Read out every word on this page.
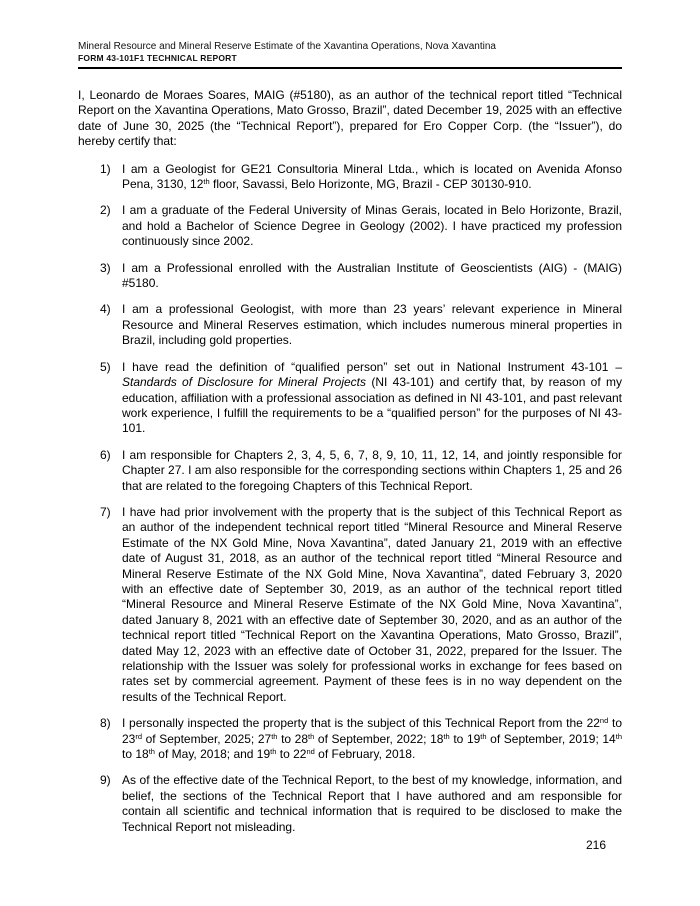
Mineral Resource and Mineral Reserve Estimate of the Xavantina Operations, Nova Xavantina
FORM 43-101F1 TECHNICAL REPORT

I, Leonardo de Moraes Soares, MAIG (#5180), as an author of the technical report titled “Technical Report on the Xavantina Operations, Mato Grosso, Brazil”, dated December 19, 2025 with an effective date of June 30, 2025 (the “Technical Report”), prepared for Ero Copper Corp. (the “Issuer”), do hereby certify that:

1) I am a Geologist for GE21 Consultoria Mineral Ltda., which is located on Avenida Afonso Pena, 3130, 12th floor, Savassi, Belo Horizonte, MG, Brazil - CEP 30130-910.
2) I am a graduate of the Federal University of Minas Gerais, located in Belo Horizonte, Brazil, and hold a Bachelor of Science Degree in Geology (2002). I have practiced my profession continuously since 2002.
3) I am a Professional enrolled with the Australian Institute of Geoscientists (AIG) - (MAIG) #5180.
4) I am a professional Geologist, with more than 23 years’ relevant experience in Mineral Resource and Mineral Reserves estimation, which includes numerous mineral properties in Brazil, including gold properties.
5) I have read the definition of “qualified person” set out in National Instrument 43-101 – Standards of Disclosure for Mineral Projects (NI 43-101) and certify that, by reason of my education, affiliation with a professional association as defined in NI 43-101, and past relevant work experience, I fulfill the requirements to be a “qualified person” for the purposes of NI 43-101.
6) I am responsible for Chapters 2, 3, 4, 5, 6, 7, 8, 9, 10, 11, 12, 14, and jointly responsible for Chapter 27. I am also responsible for the corresponding sections within Chapters 1, 25 and 26 that are related to the foregoing Chapters of this Technical Report.
7) I have had prior involvement with the property that is the subject of this Technical Report as an author of the independent technical report titled “Mineral Resource and Mineral Reserve Estimate of the NX Gold Mine, Nova Xavantina”, dated January 21, 2019 with an effective date of August 31, 2018, as an author of the technical report titled “Mineral Resource and Mineral Reserve Estimate of the NX Gold Mine, Nova Xavantina”, dated February 3, 2020 with an effective date of September 30, 2019, as an author of the technical report titled “Mineral Resource and Mineral Reserve Estimate of the NX Gold Mine, Nova Xavantina”, dated January 8, 2021 with an effective date of September 30, 2020, and as an author of the technical report titled “Technical Report on the Xavantina Operations, Mato Grosso, Brazil”, dated May 12, 2023 with an effective date of October 31, 2022, prepared for the Issuer. The relationship with the Issuer was solely for professional works in exchange for fees based on rates set by commercial agreement. Payment of these fees is in no way dependent on the results of the Technical Report.
8) I personally inspected the property that is the subject of this Technical Report from the 22nd to 23rd of September, 2025; 27th to 28th of September, 2022; 18th to 19th of September, 2019; 14th to 18th of May, 2018; and 19th to 22nd of February, 2018.
9) As of the effective date of the Technical Report, to the best of my knowledge, information, and belief, the sections of the Technical Report that I have authored and am responsible for contain all scientific and technical information that is required to be disclosed to make the Technical Report not misleading.
216
